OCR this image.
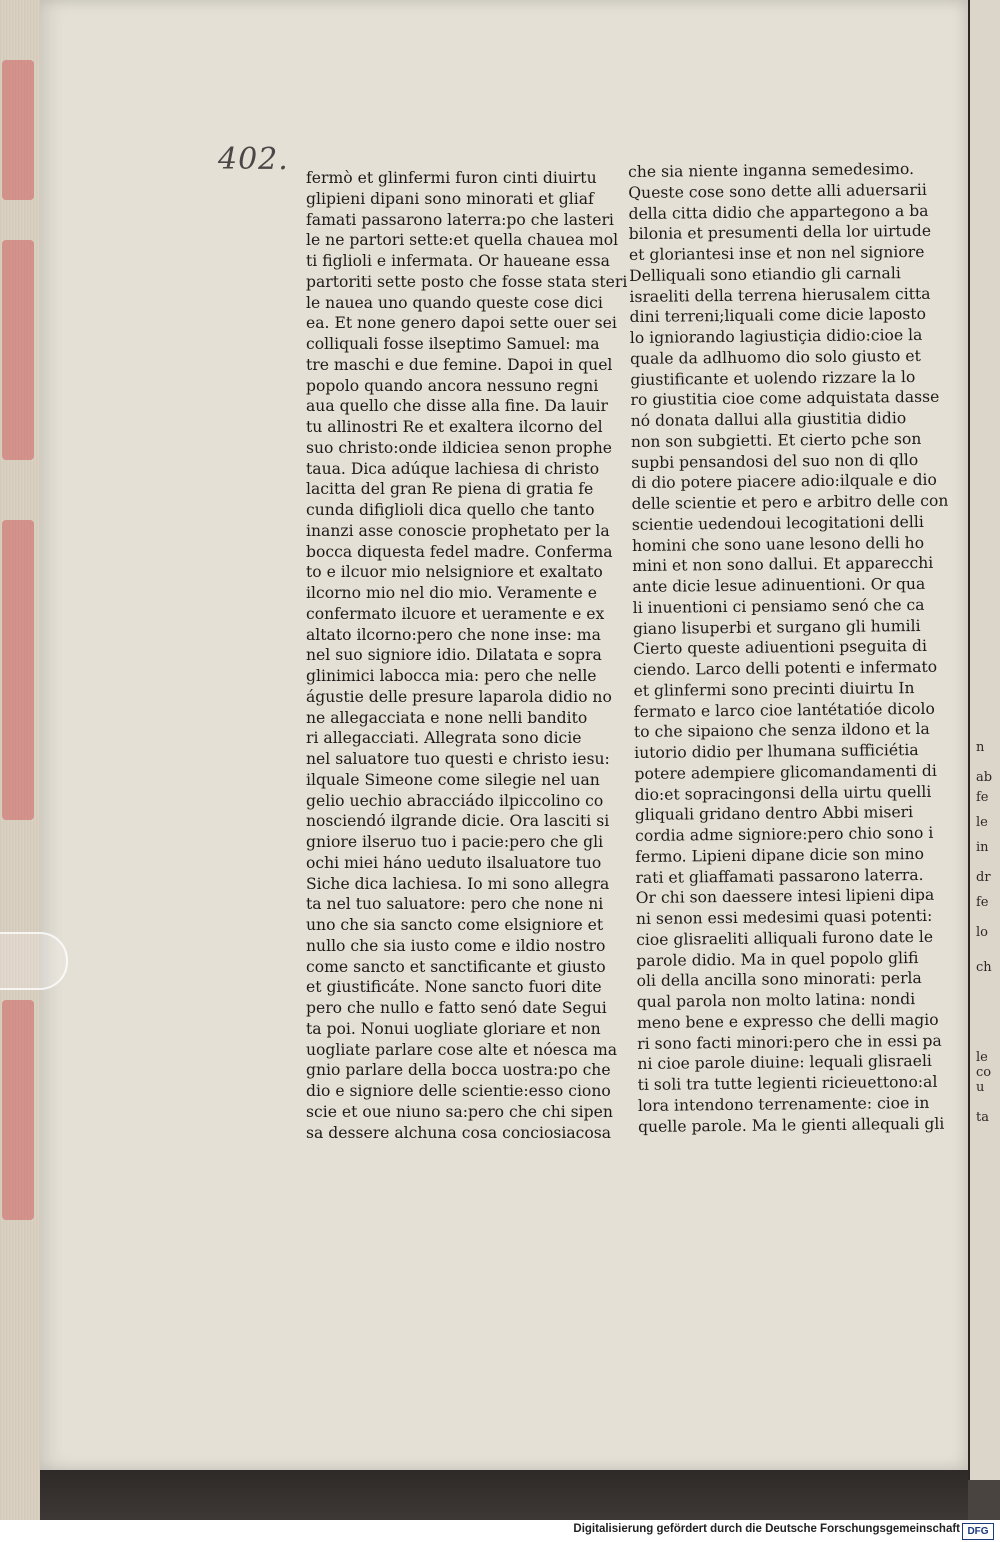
n
ab
fe
le
in
dr
fe
lo
ch
le co
u
ta
402.
fermò et glinfermi furon cinti diuirtu
glipieni dipani sono minorati et gliaf
famati passarono laterra:po che lasteri
le ne partori sette:et quella chauea mol
ti figlioli e infermata. Or haueane essa
partoriti sette posto che fosse stata steri
le nauea uno quando queste cose dici
ea. Et none genero dapoi sette ouer sei
colliquali fosse ilseptimo Samuel: ma
tre maschi e due femine. Dapoi in quel
popolo quando ancora nessuno regni
aua quello che disse alla fine. Da lauir
tu allinostri Re et exaltera ilcorno del
suo christo:onde ildiciea senon prophe
taua. Dica adúque lachiesa di christo
lacitta del gran Re piena di gratia fe
cunda difiglioli dica quello che tanto
inanzi asse conoscie prophetato per la
bocca diquesta fedel madre. Conferma
to e ilcuor mio nelsigniore et exaltato
ilcorno mio nel dio mio. Veramente e
confermato ilcuore et ueramente e ex
altato ilcorno:pero che none inse: ma
nel suo signiore idio. Dilatata e sopra
glinimici labocca mia: pero che nelle
águstie delle presure laparola didio no
ne allegacciata e none nelli bandito
ri allegacciati. Allegrata sono dicie
nel saluatore tuo questi e christo iesu:
ilquale Simeone come silegie nel uan
gelio uechio abracciádo ilpiccolino co
nosciendó ilgrande dicie. Ora lasciti si
gniore ilseruo tuo i pacie:pero che gli
ochi miei háno ueduto ilsaluatore tuo
Siche dica lachiesa. Io mi sono allegra
ta nel tuo saluatore: pero che none ni
uno che sia sancto come elsigniore et
nullo che sia iusto come e ildio nostro
come sancto et sanctificante et giusto
et giustificáte. None sancto fuori dite
pero che nullo e fatto senó date Segui
ta poi. Nonui uogliate gloriare et non
uogliate parlare cose alte et nóesca ma
gnio parlare della bocca uostra:po che
dio e signiore delle scientie:esso ciono
scie et oue niuno sa:pero che chi sipen
sa dessere alchuna cosa conciosiacosa
che sia niente inganna semedesimo.
Queste cose sono dette alli aduersarii
della citta didio che appartegono a ba
bilonia et presumenti della lor uirtude
et gloriantesi inse et non nel signiore
Delliquali sono etiandio gli carnali
israeliti della terrena hierusalem citta
dini terreni;liquali come dicie laposto
lo igniorando lagiustiçia didio:cioe la
quale da adlhuomo dio solo giusto et
giustificante et uolendo rizzare la lo
ro giustitia cioe come adquistata dasse
nó donata dallui alla giustitia didio
non son subgietti. Et cierto pche son
supbi pensandosi del suo non di qllo
di dio potere piacere adio:ilquale e dio
delle scientie et pero e arbitro delle con
scientie uedendoui lecogitationi delli
homini che sono uane lesono delli ho
mini et non sono dallui. Et apparecchi
ante dicie lesue adinuentioni. Or qua
li inuentioni ci pensiamo senó che ca
giano lisuperbi et surgano gli humili
Cierto queste adiuentioni pseguita di
ciendo. Larco delli potenti e infermato
et glinfermi sono precinti diuirtu In
fermato e larco cioe lantétatióe dicolo
to che sipaiono che senza ildono et la
iutorio didio per lhumana sufficiétia
potere adempiere glicomandamenti di
dio:et sopracingonsi della uirtu quelli
gliquali gridano dentro Abbi miseri
cordia adme signiore:pero chio sono i
fermo. Lipieni dipane dicie son mino
rati et gliaffamati passarono laterra.
Or chi son daessere intesi lipieni dipa
ni senon essi medesimi quasi potenti:
cioe glisraeliti alliquali furono date le
parole didio. Ma in quel popolo glifi
oli della ancilla sono minorati: perla
qual parola non molto latina: nondi
meno bene e expresso che delli magio
ri sono facti minori:pero che in essi pa
ni cioe parole diuine: lequali glisraeli
ti soli tra tutte legienti ricieuettono:al
lora intendono terrenamente: cioe in
quelle parole. Ma le gienti allequali gli
Digitalisierung gefördert durch die Deutsche Forschungsgemeinschaft DFG
